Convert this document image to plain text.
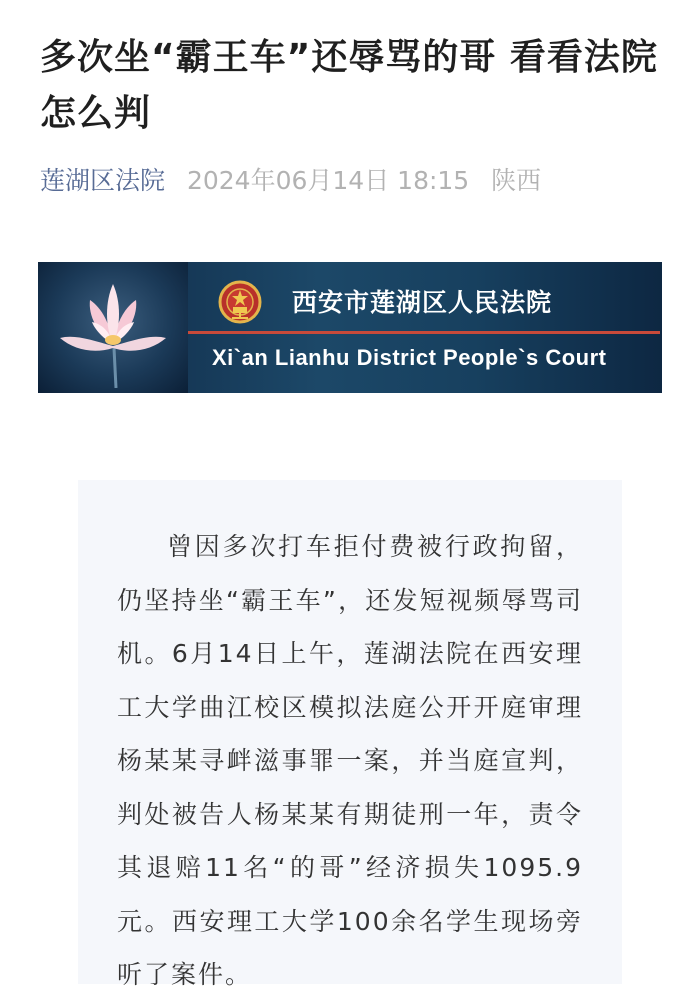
多次坐“霸王车”还辱骂的哥 看看法院怎么判
莲湖区法院 2024年06月14日 18:15 陕西
西安市莲湖区人民法院
Xi`an Lianhu District People`s Court

曾因多次打车拒付费被行政拘留，仍坚持坐“霸王车”，还发短视频辱骂司机。6月14日上午，莲湖法院在西安理工大学曲江校区模拟法庭公开开庭审理杨某某寻衅滋事罪一案，并当庭宣判，判处被告人杨某某有期徒刑一年，责令其退赔11名“的哥”经济损失1095.9元。西安理工大学100余名学生现场旁听了案件。
